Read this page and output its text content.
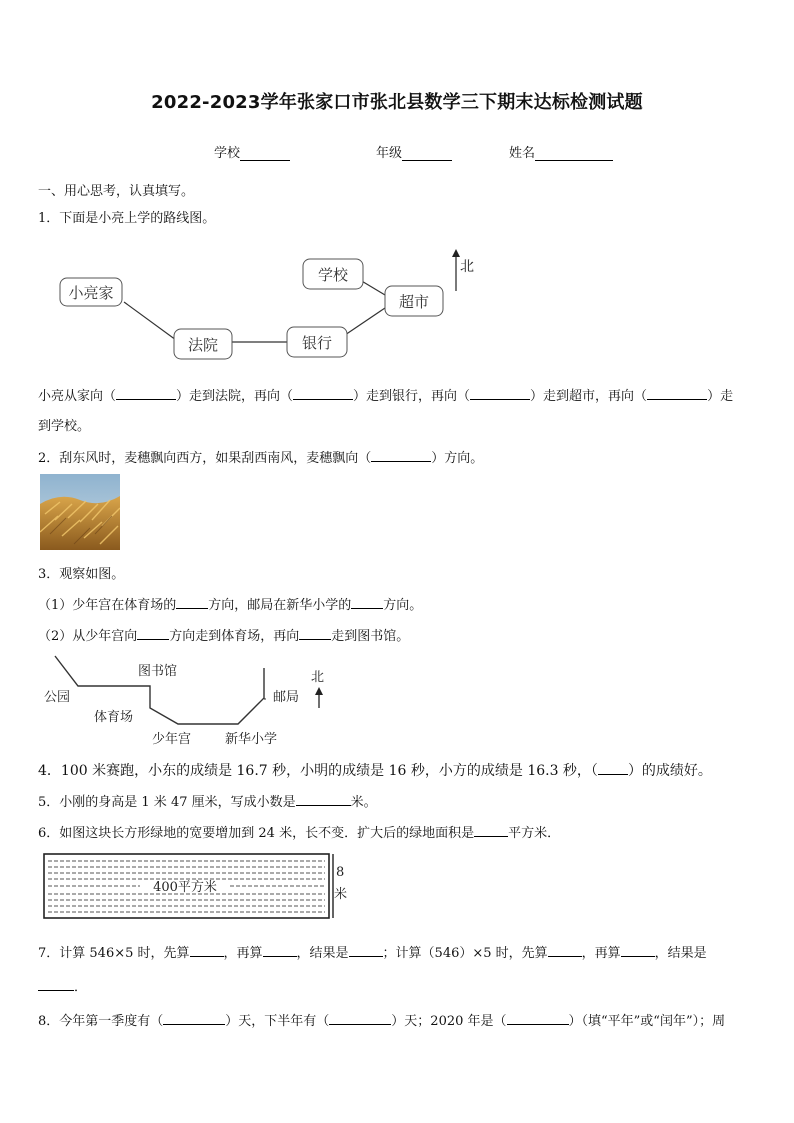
2022-2023学年张家口市张北县数学三下期末达标检测试题
学校	年级	姓名
一、用心思考，认真填写。
1．下面是小亮上学的路线图。
小亮家
法院	银行
超市
学校	北
小亮从家向（	）走到法院，再向（	）走到银行，再向（	）走到超市，再向（	）走
到学校。
2．刮东风时，麦穗飘向西方，如果刮西南风，麦穗飘向（	）方向。
3．观察如图。
（1）少年宫在体育场的 方向，邮局在新华小学的 方向。
（2）从少年宫向 方向走到体育场，再向 走到图书馆。
公园
图书馆
体育场
少年宫	新华小学
邮局
北
4．100 米赛跑，小东的成绩是 16.7 秒，小明的成绩是 16 秒，小方的成绩是 16.3 秒，（ ）的成绩好。
5．小刚的身高是 1 米 47 厘米，写成小数是	米。
6．如图这块长方形绿地的宽要增加到 24 米，长不变．扩大后的绿地面积是	平方米．
400平方米
8
米
7．计算 546×5 时，先算	，再算	，结果是	；计算（546）×5 时，先算	，再算	，结果是
．
8．今年第一季度有（	）天，下半年有（	）天；2020 年是（	）（填“平年”或“闰年”）；周
